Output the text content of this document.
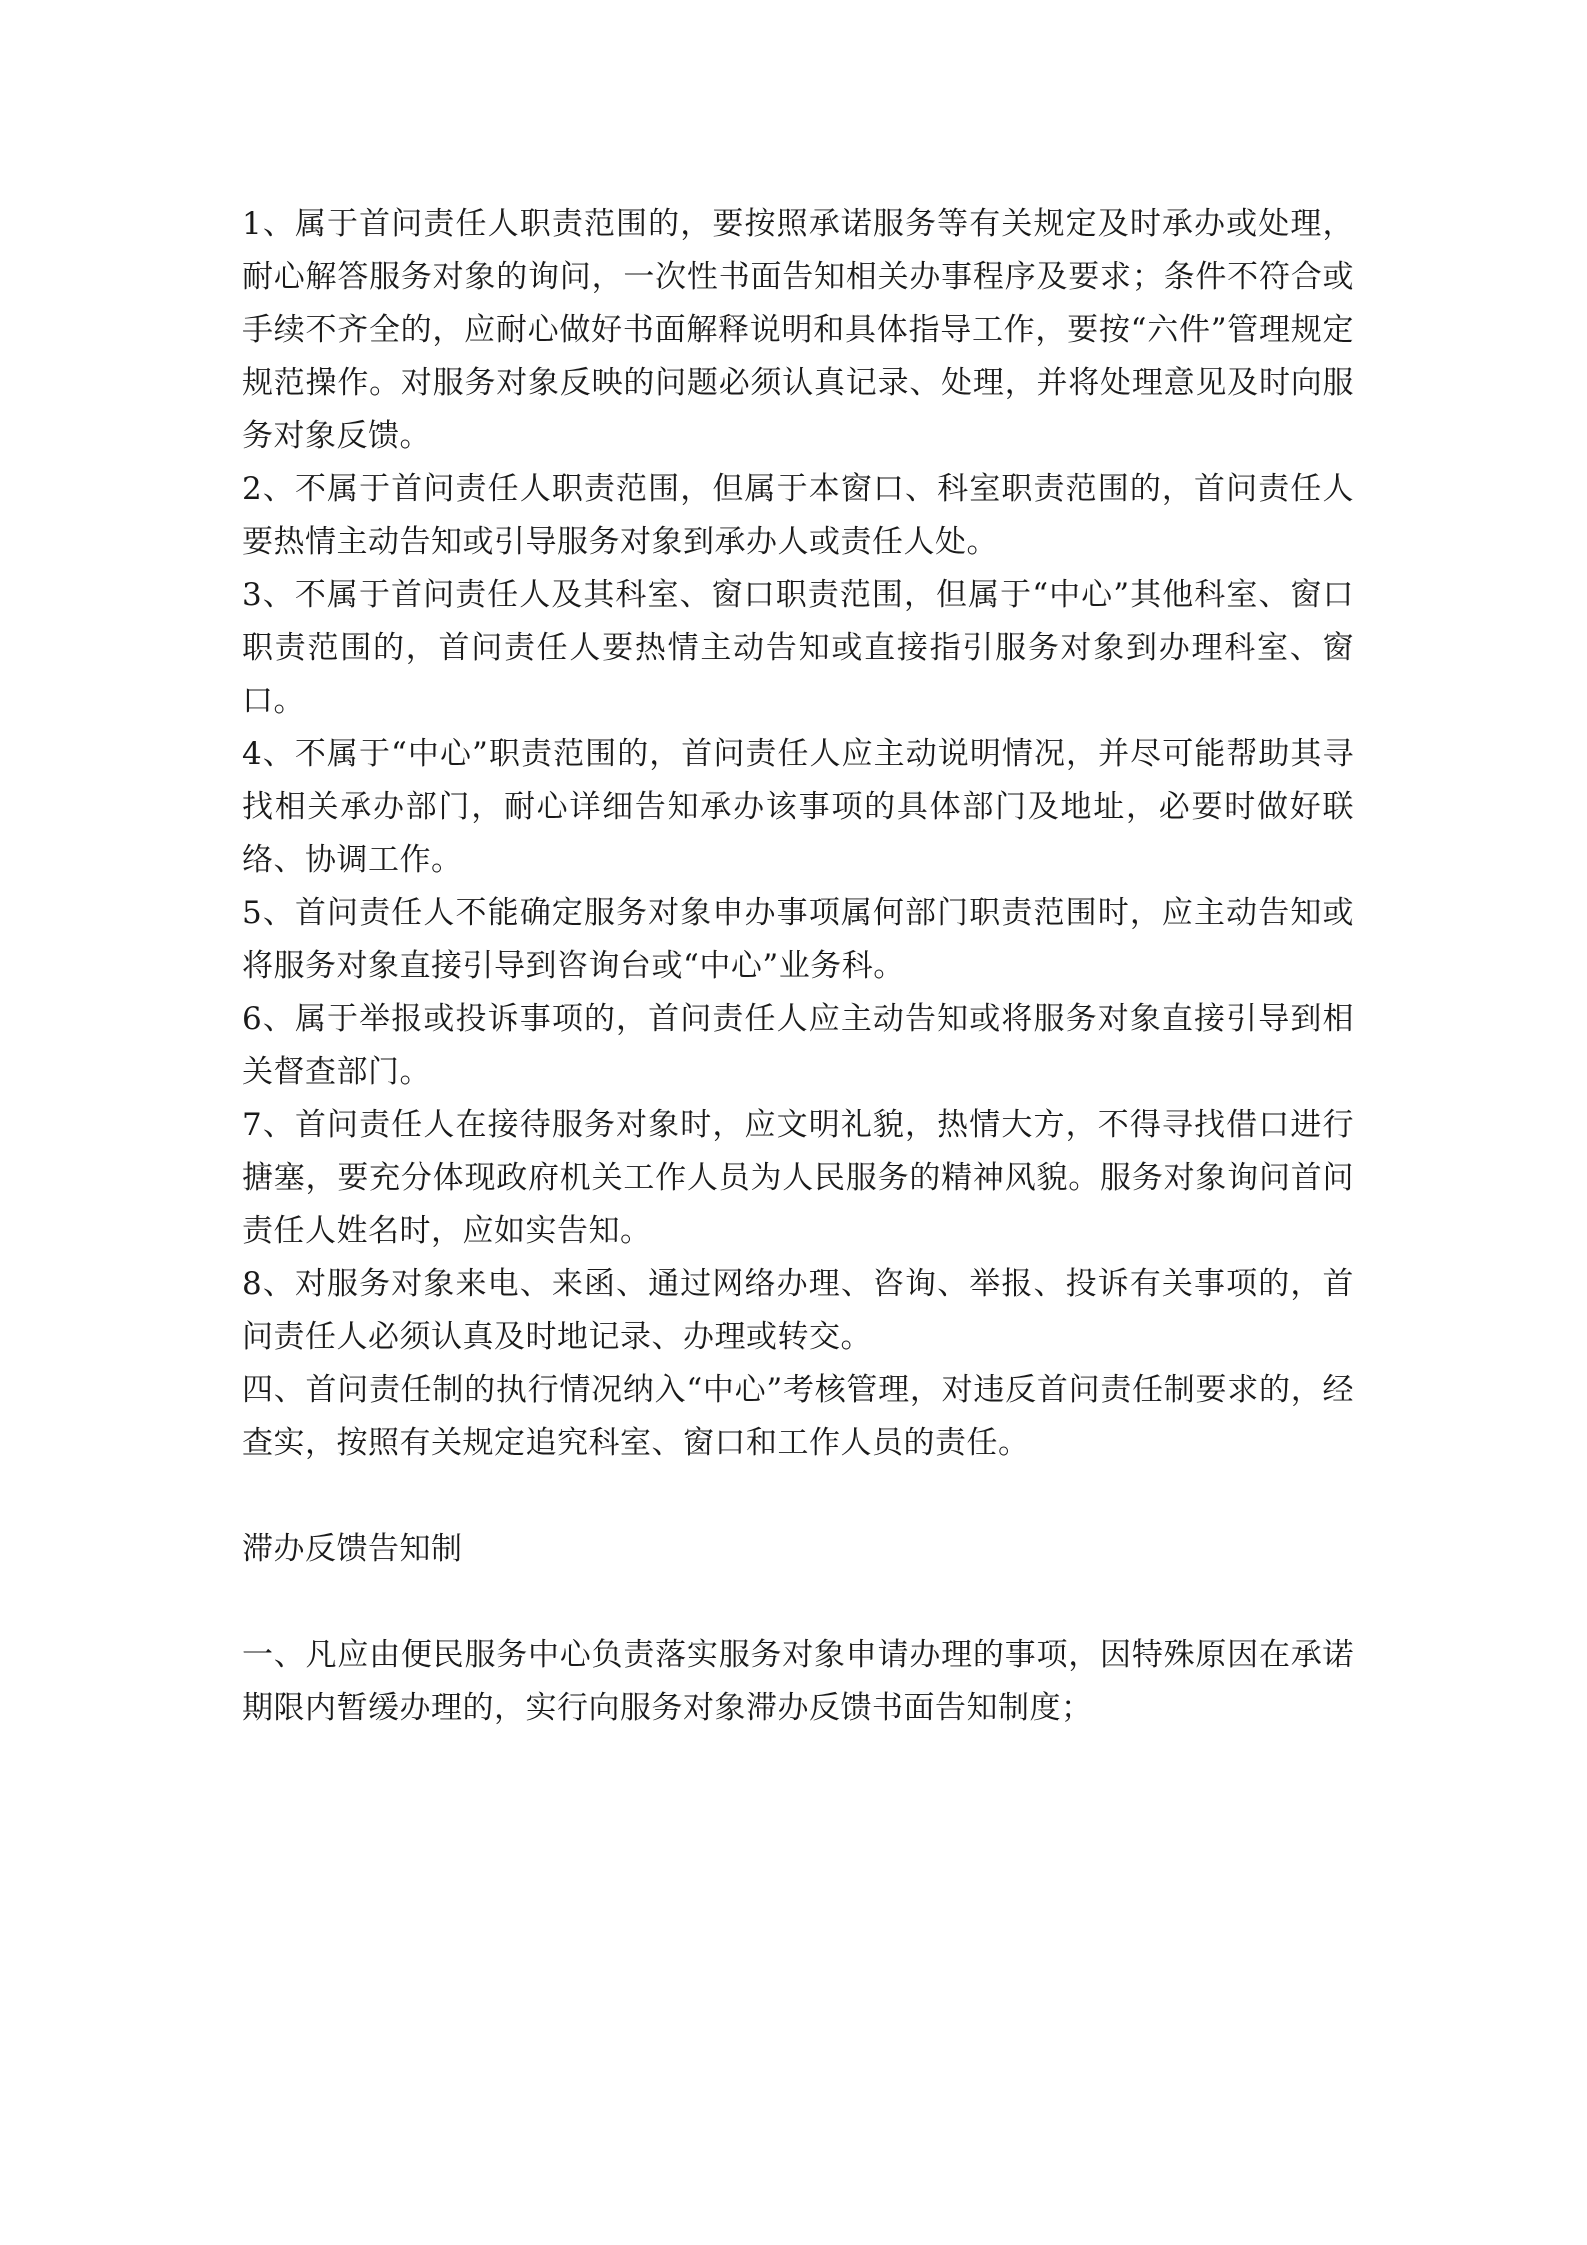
1、属于首问责任人职责范围的，要按照承诺服务等有关规定及时承办或处理，耐心解答服务对象的询问，一次性书面告知相关办事程序及要求；条件不符合或手续不齐全的，应耐心做好书面解释说明和具体指导工作，要按“六件”管理规定规范操作。对服务对象反映的问题必须认真记录、处理，并将处理意见及时向服务对象反馈。

2、不属于首问责任人职责范围，但属于本窗口、科室职责范围的，首问责任人要热情主动告知或引导服务对象到承办人或责任人处。

3、不属于首问责任人及其科室、窗口职责范围，但属于“中心”其他科室、窗口职责范围的，首问责任人要热情主动告知或直接指引服务对象到办理科室、窗口。

4、不属于“中心”职责范围的，首问责任人应主动说明情况，并尽可能帮助其寻找相关承办部门，耐心详细告知承办该事项的具体部门及地址，必要时做好联络、协调工作。

5、首问责任人不能确定服务对象申办事项属何部门职责范围时，应主动告知或将服务对象直接引导到咨询台或“中心”业务科。

6、属于举报或投诉事项的，首问责任人应主动告知或将服务对象直接引导到相关督查部门。

7、首问责任人在接待服务对象时，应文明礼貌，热情大方，不得寻找借口进行搪塞，要充分体现政府机关工作人员为人民服务的精神风貌。服务对象询问首问责任人姓名时，应如实告知。

8、对服务对象来电、来函、通过网络办理、咨询、举报、投诉有关事项的，首问责任人必须认真及时地记录、办理或转交。

四、首问责任制的执行情况纳入“中心”考核管理，对违反首问责任制要求的，经查实，按照有关规定追究科室、窗口和工作人员的责任。

滞办反馈告知制

一、凡应由便民服务中心负责落实服务对象申请办理的事项，因特殊原因在承诺期限内暂缓办理的，实行向服务对象滞办反馈书面告知制度；
